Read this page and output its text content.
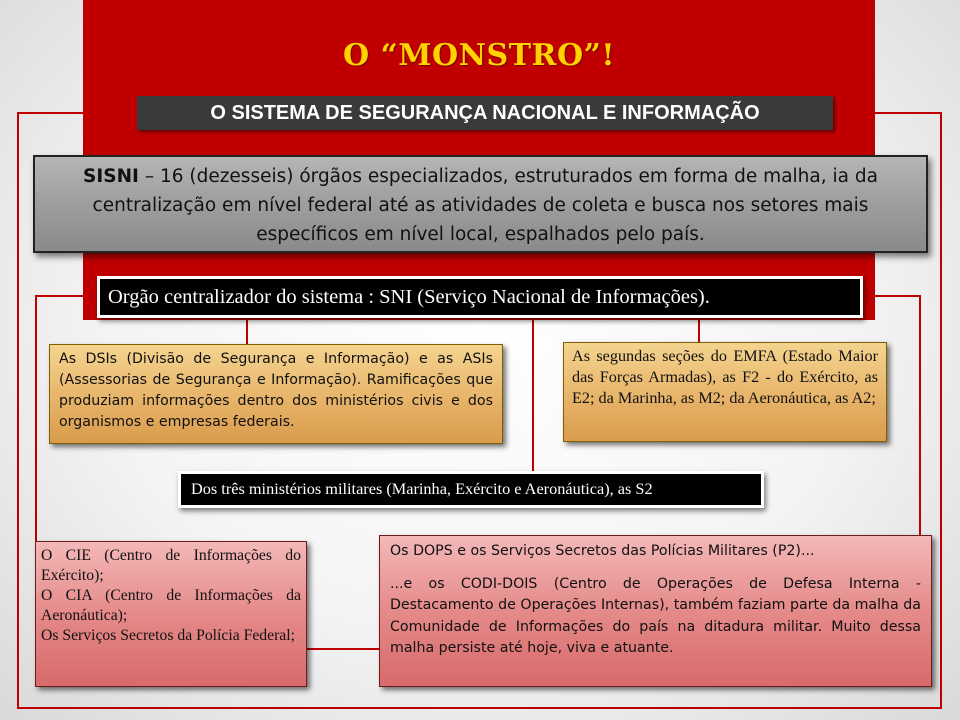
O “MONSTRO”!
O SISTEMA DE SEGURANÇA NACIONAL E INFORMAÇÃO
SISNI – 16 (dezesseis) órgãos especializados, estruturados em forma de malha, ia da centralização em nível federal até as atividades de coleta e busca nos setores mais específicos em nível local, espalhados pelo país.
Orgão centralizador do sistema : SNI (Serviço Nacional de Informações).
As DSIs (Divisão de Segurança e Informação) e as ASIs (Assessorias de Segurança e Informação). Ramificações que produziam informações dentro dos ministérios civis e dos organismos e empresas federais.
As segundas seções do EMFA (Estado Maior das Forças Armadas), as F2 - do Exército, as E2; da Marinha, as M2; da Aeronáutica, as A2;
Dos três ministérios militares (Marinha, Exército e Aeronáutica), as S2
O CIE (Centro de Informações do Exército);
O CIA (Centro de Informações da Aeronáutica);
Os Serviços Secretos da Polícia Federal;
Os DOPS e os Serviços Secretos das Polícias Militares (P2)...
...e os CODI-DOIS (Centro de Operações de Defesa Interna - Destacamento de Operações Internas), também faziam parte da malha da Comunidade de Informações do país na ditadura militar. Muito dessa malha persiste até hoje, viva e atuante.
